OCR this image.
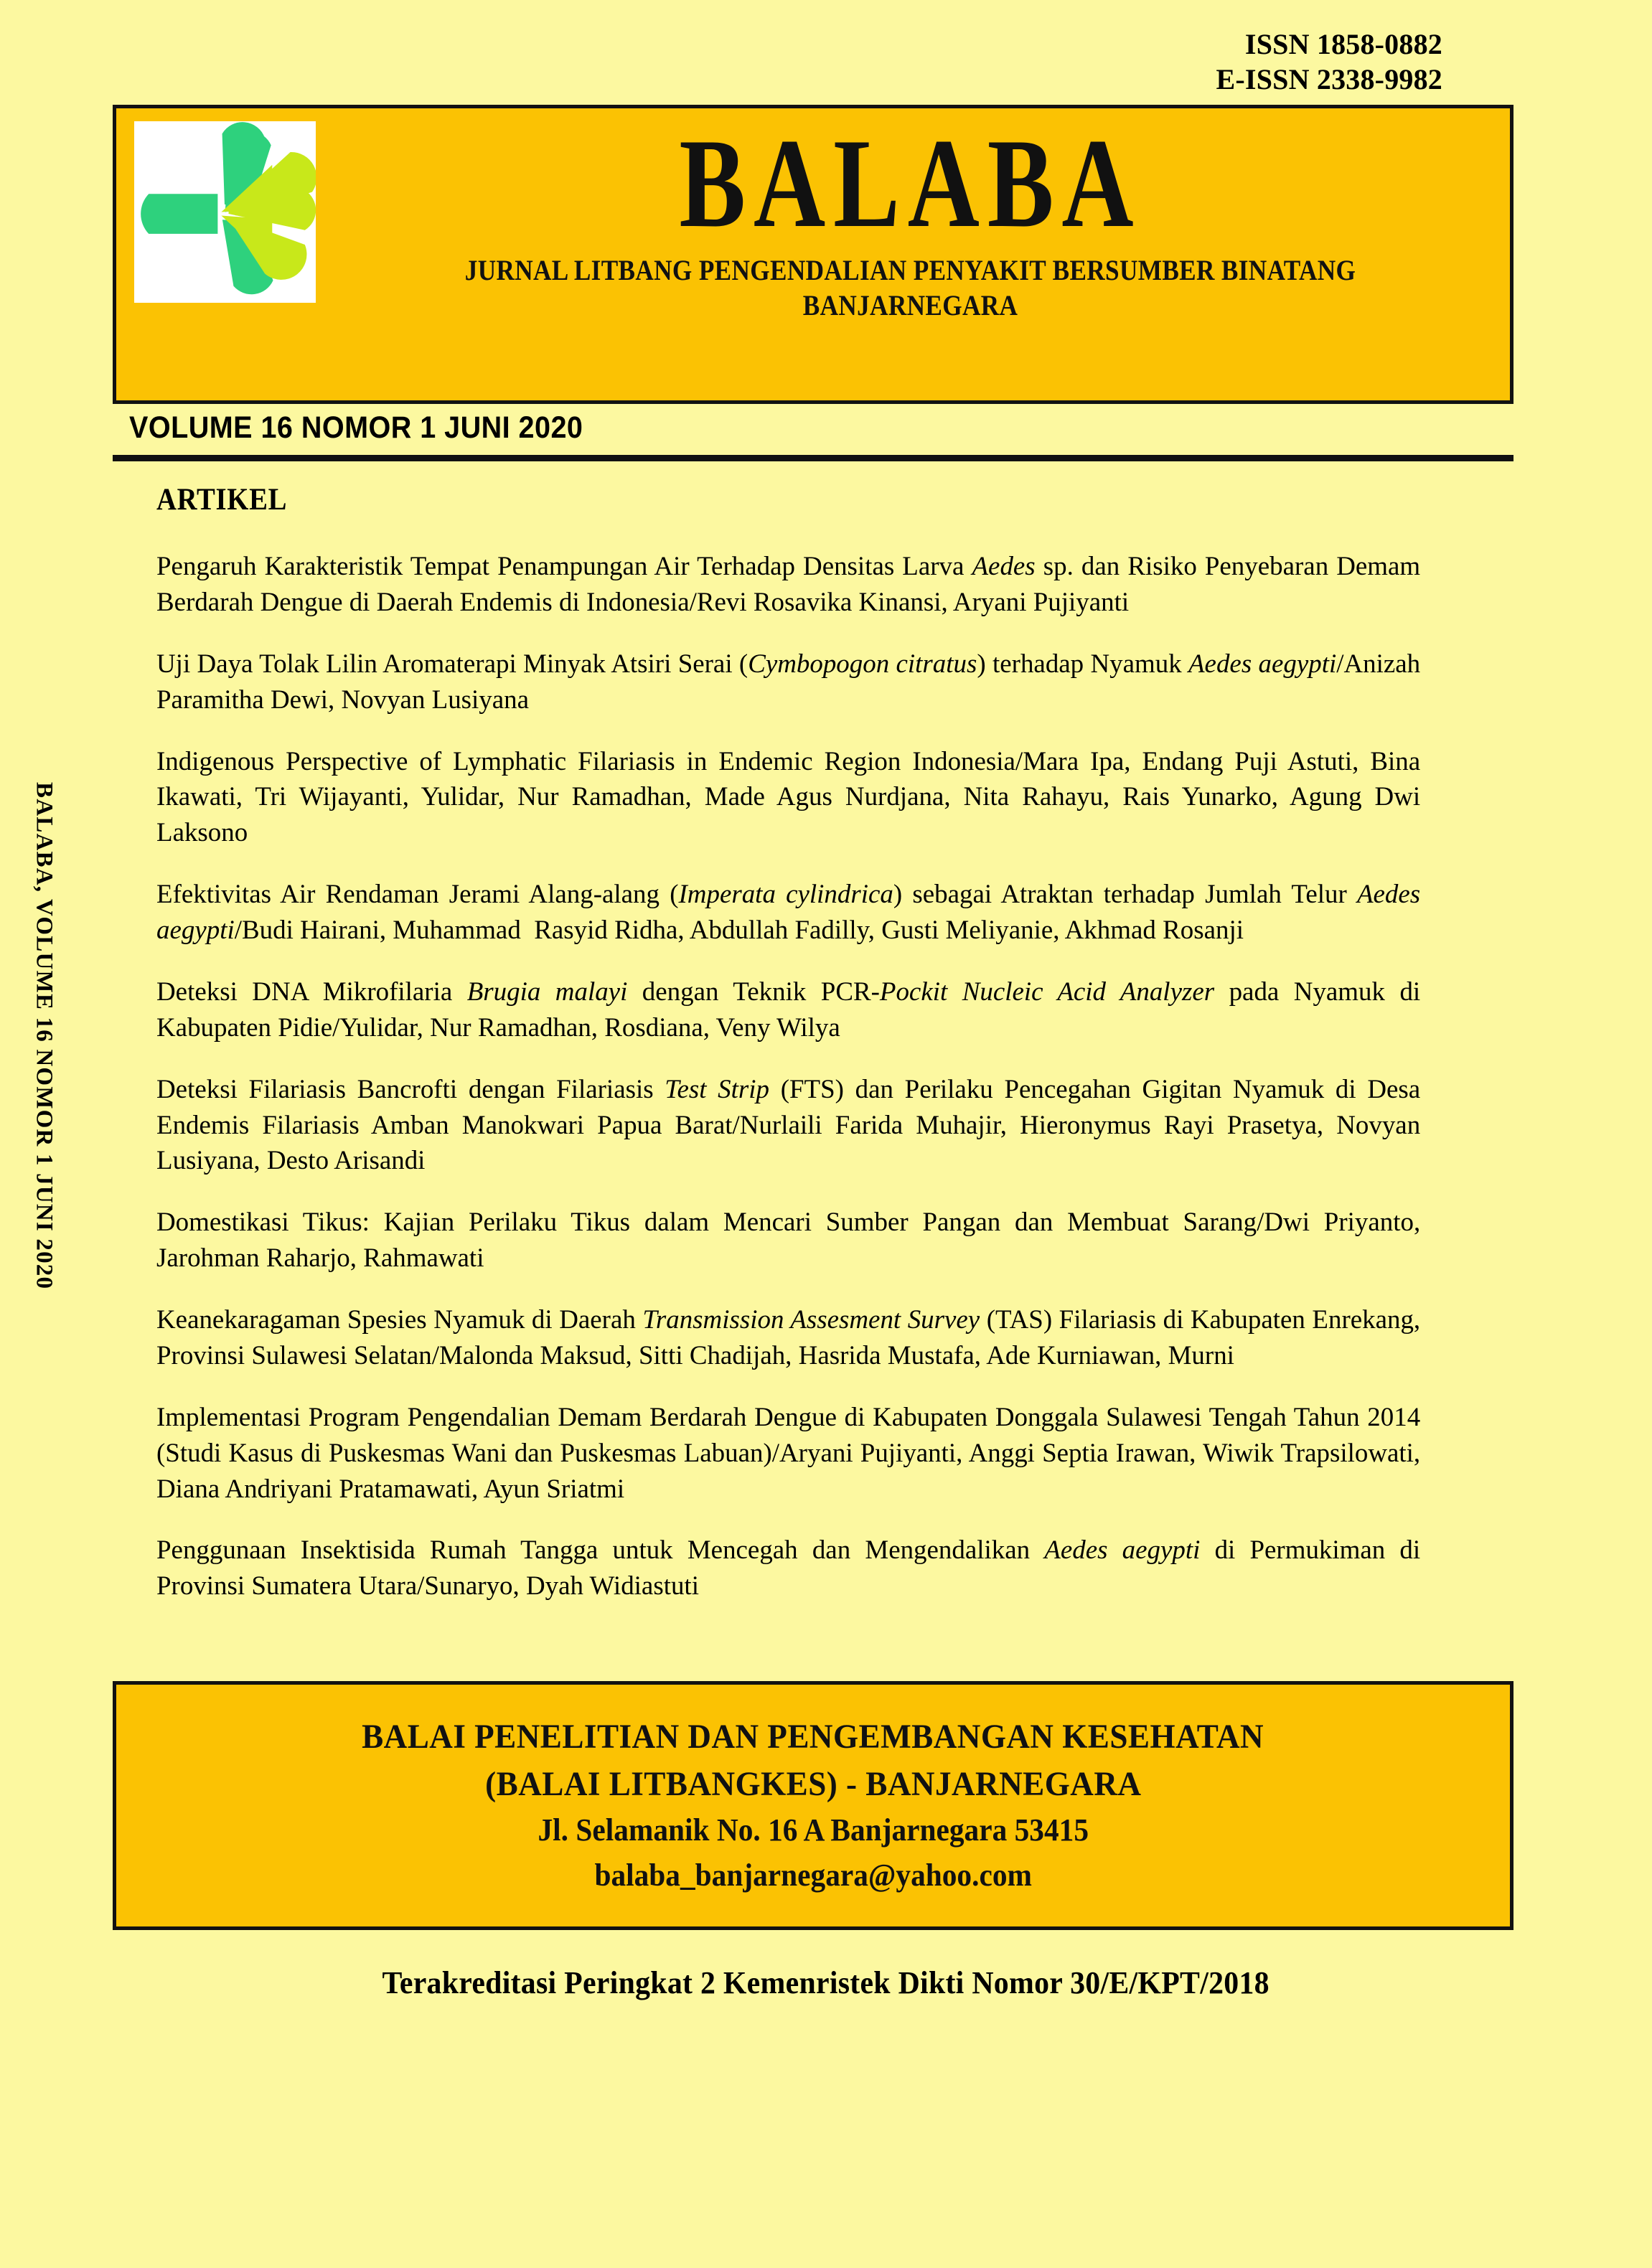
ISSN 1858-0882
E-ISSN 2338-9982
BALABA
JURNAL LITBANG PENGENDALIAN PENYAKIT BERSUMBER BINATANG
BANJARNEGARA
VOLUME 16 NOMOR 1 JUNI 2020
BALABA, VOLUME 16 NOMOR 1 JUNI 2020
ARTIKEL
Pengaruh Karakteristik Tempat Penampungan Air Terhadap Densitas Larva Aedes sp. dan Risiko Penyebaran Demam Berdarah Dengue di Daerah Endemis di Indonesia/Revi Rosavika Kinansi, Aryani Pujiyanti
Uji Daya Tolak Lilin Aromaterapi Minyak Atsiri Serai (Cymbopogon citratus) terhadap Nyamuk Aedes aegypti/Anizah Paramitha Dewi, Novyan Lusiyana
Indigenous Perspective of Lymphatic Filariasis in Endemic Region Indonesia/Mara Ipa, Endang Puji Astuti, Bina Ikawati, Tri Wijayanti, Yulidar, Nur Ramadhan, Made Agus Nurdjana, Nita Rahayu, Rais Yunarko, Agung Dwi Laksono
Efektivitas Air Rendaman Jerami Alang-alang (Imperata cylindrica) sebagai Atraktan terhadap Jumlah Telur Aedes aegypti/Budi Hairani, Muhammad  Rasyid Ridha, Abdullah Fadilly, Gusti Meliyanie, Akhmad Rosanji
Deteksi DNA Mikrofilaria Brugia malayi dengan Teknik PCR-Pockit Nucleic Acid Analyzer pada Nyamuk di Kabupaten Pidie/Yulidar, Nur Ramadhan, Rosdiana, Veny Wilya
Deteksi Filariasis Bancrofti dengan Filariasis Test Strip (FTS) dan Perilaku Pencegahan Gigitan Nyamuk di Desa Endemis Filariasis Amban Manokwari Papua Barat/Nurlaili Farida Muhajir, Hieronymus Rayi Prasetya, Novyan Lusiyana, Desto Arisandi
Domestikasi Tikus: Kajian Perilaku Tikus dalam Mencari Sumber Pangan dan Membuat Sarang/Dwi Priyanto, Jarohman Raharjo, Rahmawati
Keanekaragaman Spesies Nyamuk di Daerah Transmission Assesment Survey (TAS) Filariasis di Kabupaten Enrekang, Provinsi Sulawesi Selatan/Malonda Maksud, Sitti Chadijah, Hasrida Mustafa, Ade Kurniawan, Murni
Implementasi Program Pengendalian Demam Berdarah Dengue di Kabupaten Donggala Sulawesi Tengah Tahun 2014 (Studi Kasus di Puskesmas Wani dan Puskesmas Labuan)/Aryani Pujiyanti, Anggi Septia Irawan, Wiwik Trapsilowati, Diana Andriyani Pratamawati, Ayun Sriatmi
Penggunaan Insektisida Rumah Tangga untuk Mencegah dan Mengendalikan Aedes aegypti di Permukiman di Provinsi Sumatera Utara/Sunaryo, Dyah Widiastuti
BALAI PENELITIAN DAN PENGEMBANGAN KESEHATAN
(BALAI LITBANGKES) - BANJARNEGARA
Jl. Selamanik No. 16 A Banjarnegara 53415
balaba_banjarnegara@yahoo.com
Terakreditasi Peringkat 2 Kemenristek Dikti Nomor 30/E/KPT/2018
